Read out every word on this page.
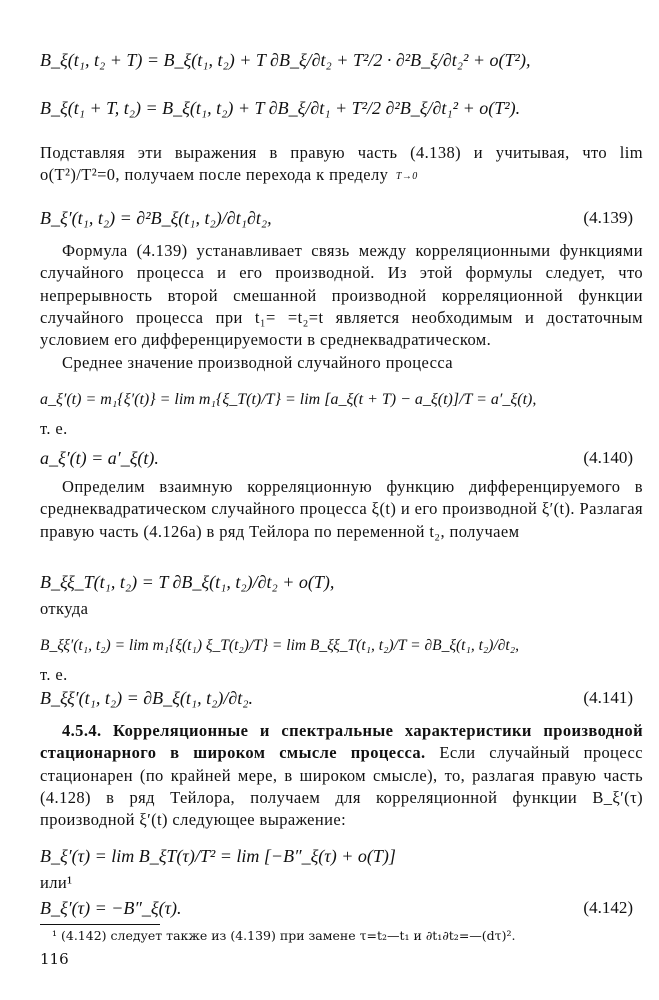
B_ξ(t₁, t₂ + T) = B_ξ(t₁, t₂) + T ∂B_ξ/∂t₂ + T²/2 · ∂²B_ξ/∂t₂² + o(T²),
B_ξ(t₁ + T, t₂) = B_ξ(t₁, t₂) + T ∂B_ξ/∂t₁ + T²/2 ∂²B_ξ/∂t₁² + o(T²).
Подставляя эти выражения в правую часть (4.138) и учитывая, что lim o(T²)/T²=0, получаем после перехода к пределу T→0
B_ξ′(t₁, t₂) = ∂²B_ξ(t₁, t₂)/∂t₁∂t₂,	(4.139)
Формула (4.139) устанавливает связь между корреляционными функциями случайного процесса и его производной. Из этой формулы следует, что непрерывность второй смешанной производной корреляционной функции случайного процесса при t₁= =t₂=t является необходимым и достаточным условием его дифференцируемости в среднеквадратическом.
Среднее значение производной случайного процесса
a_ξ′(t) = m₁{ξ′(t)} = lim m₁{ξ_T(t)/T} = lim [a_ξ(t + T) − a_ξ(t)]/T = a′_ξ(t),
т. е.
a_ξ′(t) = a′_ξ(t).	(4.140)
Определим взаимную корреляционную функцию дифференцируемого в среднеквадратическом случайного процесса ξ(t) и его производной ξ′(t). Разлагая правую часть (4.126а) в ряд Тейлора по переменной t₂, получаем
B_ξξ_T(t₁, t₂) = T ∂B_ξ(t₁, t₂)/∂t₂ + o(T),
откуда
B_ξξ′(t₁, t₂) = lim m₁{ξ(t₁) ξ_T(t₂)/T} = lim B_ξξ_T(t₁, t₂)/T = ∂B_ξ(t₁, t₂)/∂t₂,
т. е.
B_ξξ′(t₁, t₂) = ∂B_ξ(t₁, t₂)/∂t₂.	(4.141)
4.5.4. Корреляционные и спектральные характеристики производной стационарного в широком смысле процесса. Если случайный процесс стационарен (по крайней мере, в широком смысле), то, разлагая правую часть (4.128) в ряд Тейлора, получаем для корреляционной функции B_ξ′(τ) производной ξ′(t) следующее выражение:
B_ξ′(τ) = lim B_ξT(τ)/T² = lim [−B″_ξ(τ) + o(T)]
или¹
B_ξ′(τ) = −B″_ξ(τ).	(4.142)
¹ (4.142) следует также из (4.139) при замене τ=t₂—t₁ и ∂t₁∂t₂=—(dτ)².
116
